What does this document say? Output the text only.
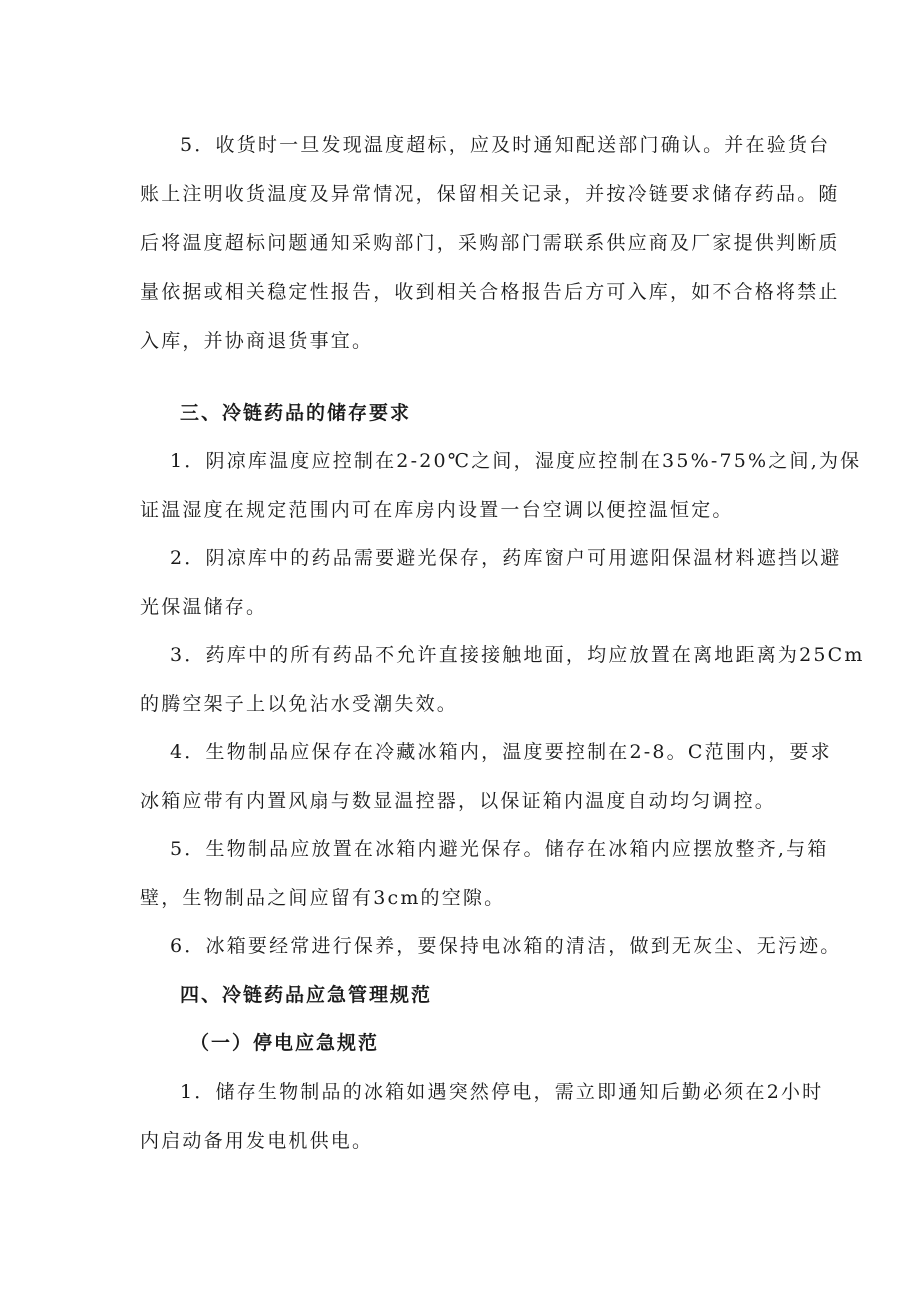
5．收货时一旦发现温度超标，应及时通知配送部门确认。并在验货台
账上注明收货温度及异常情况，保留相关记录，并按冷链要求储存药品。随
后将温度超标问题通知采购部门，采购部门需联系供应商及厂家提供判断质
量依据或相关稳定性报告，收到相关合格报告后方可入库，如不合格将禁止
入库，并协商退货事宜。
三、冷链药品的储存要求
1．阴凉库温度应控制在2-20℃之间，湿度应控制在35%-75%之间,为保
证温湿度在规定范围内可在库房内设置一台空调以便控温恒定。
2．阴凉库中的药品需要避光保存，药库窗户可用遮阳保温材料遮挡以避
光保温储存。
3．药库中的所有药品不允许直接接触地面，均应放置在离地距离为25Cm
的腾空架子上以免沾水受潮失效。
4．生物制品应保存在冷藏冰箱内，温度要控制在2-8。C范围内，要求
冰箱应带有内置风扇与数显温控器，以保证箱内温度自动均匀调控。
5．生物制品应放置在冰箱内避光保存。储存在冰箱内应摆放整齐,与箱
壁，生物制品之间应留有3cm的空隙。
6．冰箱要经常进行保养，要保持电冰箱的清洁，做到无灰尘、无污迹。
四、冷链药品应急管理规范
（一）停电应急规范
1．储存生物制品的冰箱如遇突然停电，需立即通知后勤必须在2小时
内启动备用发电机供电。
